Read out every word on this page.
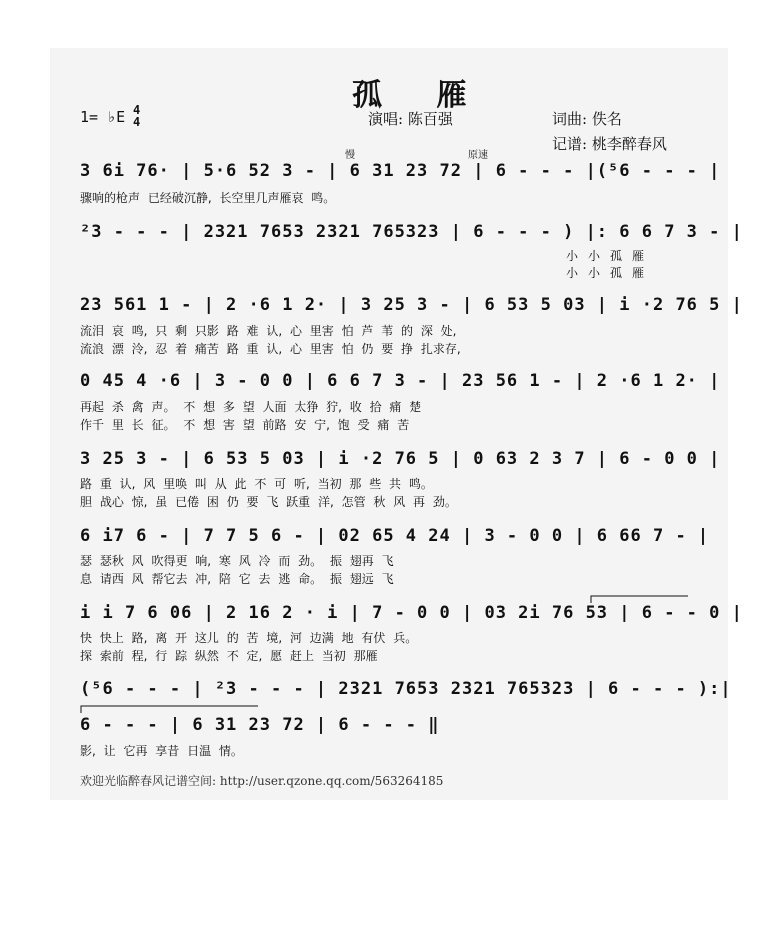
孤 雁
1= ♭E 4
4	演唱: 陈百强	词曲: 佚名
记谱: 桃李醉春风
慢	原速
3 6i 76· | 5·6 52 3 - | 6 31 23 72 | 6 - - - |(⁵6 - - - |
骤响的枪声 已经破沉静, 长空里几声雁哀 鸣。
²3 - - - | 2321 7653 2321 765323 | 6 - - - ) |: 6 6 7 3 - |
小小孤雁
小小孤雁
23 561 1 - | 2 ·6 1 2· | 3 25 3 - | 6 53 5 03 | i ·2 76 5 |
流泪 哀 鸣, 只 剩 只影 路 难 认, 心 里害 怕 芦 苇 的 深 处,
流浪 漂 泠, 忍 着 痛苦 路 重 认, 心 里害 怕 仍 要 挣 扎求存,
0 45 4 ·6 | 3 - 0 0 | 6 6 7 3 - | 23 56 1 - | 2 ·6 1 2· |
再起 杀 禽 声。 不 想 多 望 人面 太狰 狞, 收 拾 痛 楚
作千 里 长 征。 不 想 害 望 前路 安 宁, 饱 受 痛 苦
3 25 3 - | 6 53 5 03 | i ·2 76 5 | 0 63 2 3 7 | 6 - 0 0 |
路 重 认, 风 里唤 叫 从 此 不 可 听, 当初 那 些 共 鸣。
胆 战心 惊, 虽 已倦 困 仍 要 飞 跃重 洋, 怎管 秋 风 再 劲。
6 i7 6 - | 7 7 5 6 - | 02 65 4 24 | 3 - 0 0 | 6 66 7 - |
瑟 瑟秋 风 吹得更 响, 寒 风 冷 而 劲。 振 翅再 飞
息 请西 风 帮它去 冲, 陪 它 去 逃 命。 振 翅远 飞
i i 7 6 06 | 2 16 2 · i | 7 - 0 0 | 03 2i 76 53 | 6 - - 0 |
快 快上 路, 离 开 这儿 的 苦 境, 河 边满 地 有伏 兵。
探 索前 程, 行 踪 纵然 不 定, 愿 赶上 当初 那雁
(⁵6 - - - | ²3 - - - | 2321 7653 2321 765323 | 6 - - - ):|
6 - - - | 6 31 23 72 | 6 - - - ‖
影, 让 它再 享昔 日温 情。
欢迎光临醉春风记谱空间: http://user.qzone.qq.com/563264185
